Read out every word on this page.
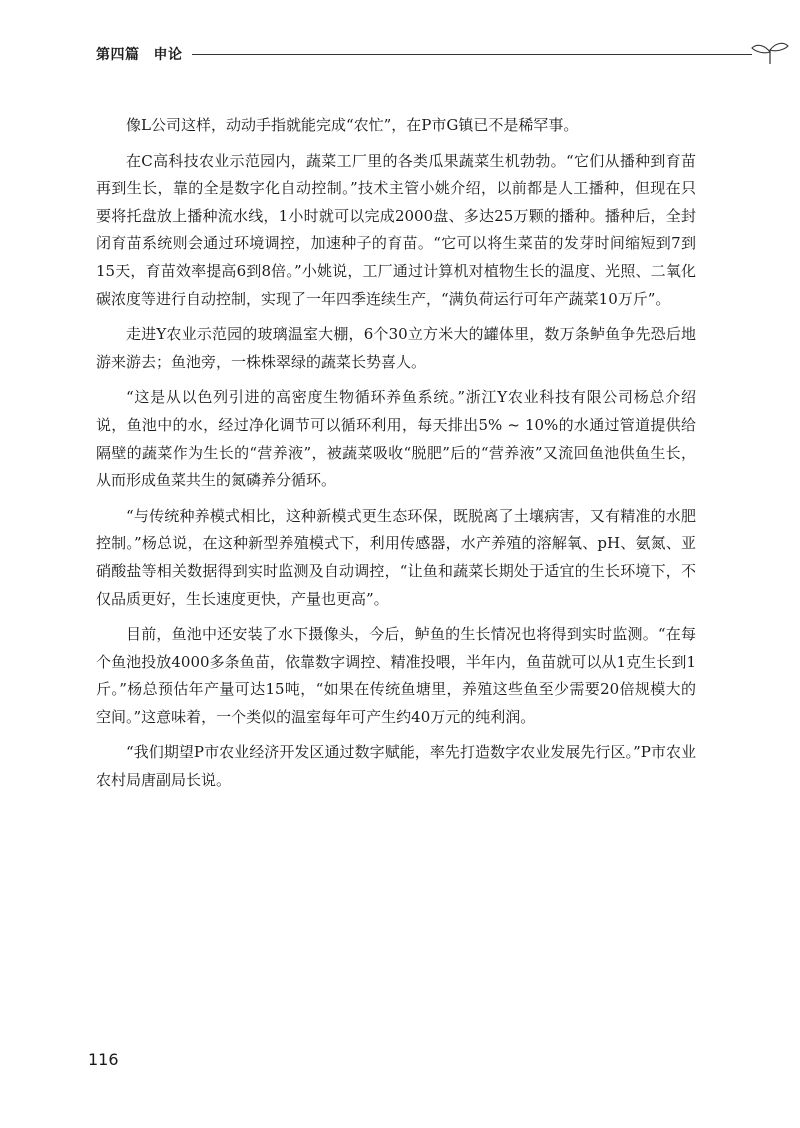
第四篇 申论

像L公司这样，动动手指就能完成“农忙”，在P市G镇已不是稀罕事。

在C高科技农业示范园内，蔬菜工厂里的各类瓜果蔬菜生机勃勃。“它们从播种到育苗再到生长，靠的全是数字化自动控制。”技术主管小姚介绍，以前都是人工播种，但现在只要将托盘放上播种流水线，1小时就可以完成2000盘、多达25万颗的播种。播种后，全封闭育苗系统则会通过环境调控，加速种子的育苗。“它可以将生菜苗的发芽时间缩短到7到15天，育苗效率提高6到8倍。”小姚说，工厂通过计算机对植物生长的温度、光照、二氧化碳浓度等进行自动控制，实现了一年四季连续生产，“满负荷运行可年产蔬菜10万斤”。

走进Y农业示范园的玻璃温室大棚，6个30立方米大的罐体里，数万条鲈鱼争先恐后地游来游去；鱼池旁，一株株翠绿的蔬菜长势喜人。

“这是从以色列引进的高密度生物循环养鱼系统。”浙江Y农业科技有限公司杨总介绍说，鱼池中的水，经过净化调节可以循环利用，每天排出5% ~ 10%的水通过管道提供给隔壁的蔬菜作为生长的“营养液”，被蔬菜吸收“脱肥”后的“营养液”又流回鱼池供鱼生长，从而形成鱼菜共生的氮磷养分循环。

“与传统种养模式相比，这种新模式更生态环保，既脱离了土壤病害，又有精准的水肥控制。”杨总说，在这种新型养殖模式下，利用传感器，水产养殖的溶解氧、pH、氨氮、亚硝酸盐等相关数据得到实时监测及自动调控，“让鱼和蔬菜长期处于适宜的生长环境下，不仅品质更好，生长速度更快，产量也更高”。

目前，鱼池中还安装了水下摄像头，今后，鲈鱼的生长情况也将得到实时监测。“在每个鱼池投放4000多条鱼苗，依靠数字调控、精准投喂，半年内，鱼苗就可以从1克生长到1斤。”杨总预估年产量可达15吨，“如果在传统鱼塘里，养殖这些鱼至少需要20倍规模大的空间。”这意味着，一个类似的温室每年可产生约40万元的纯利润。

“我们期望P市农业经济开发区通过数字赋能，率先打造数字农业发展先行区。”P市农业农村局唐副局长说。

116
